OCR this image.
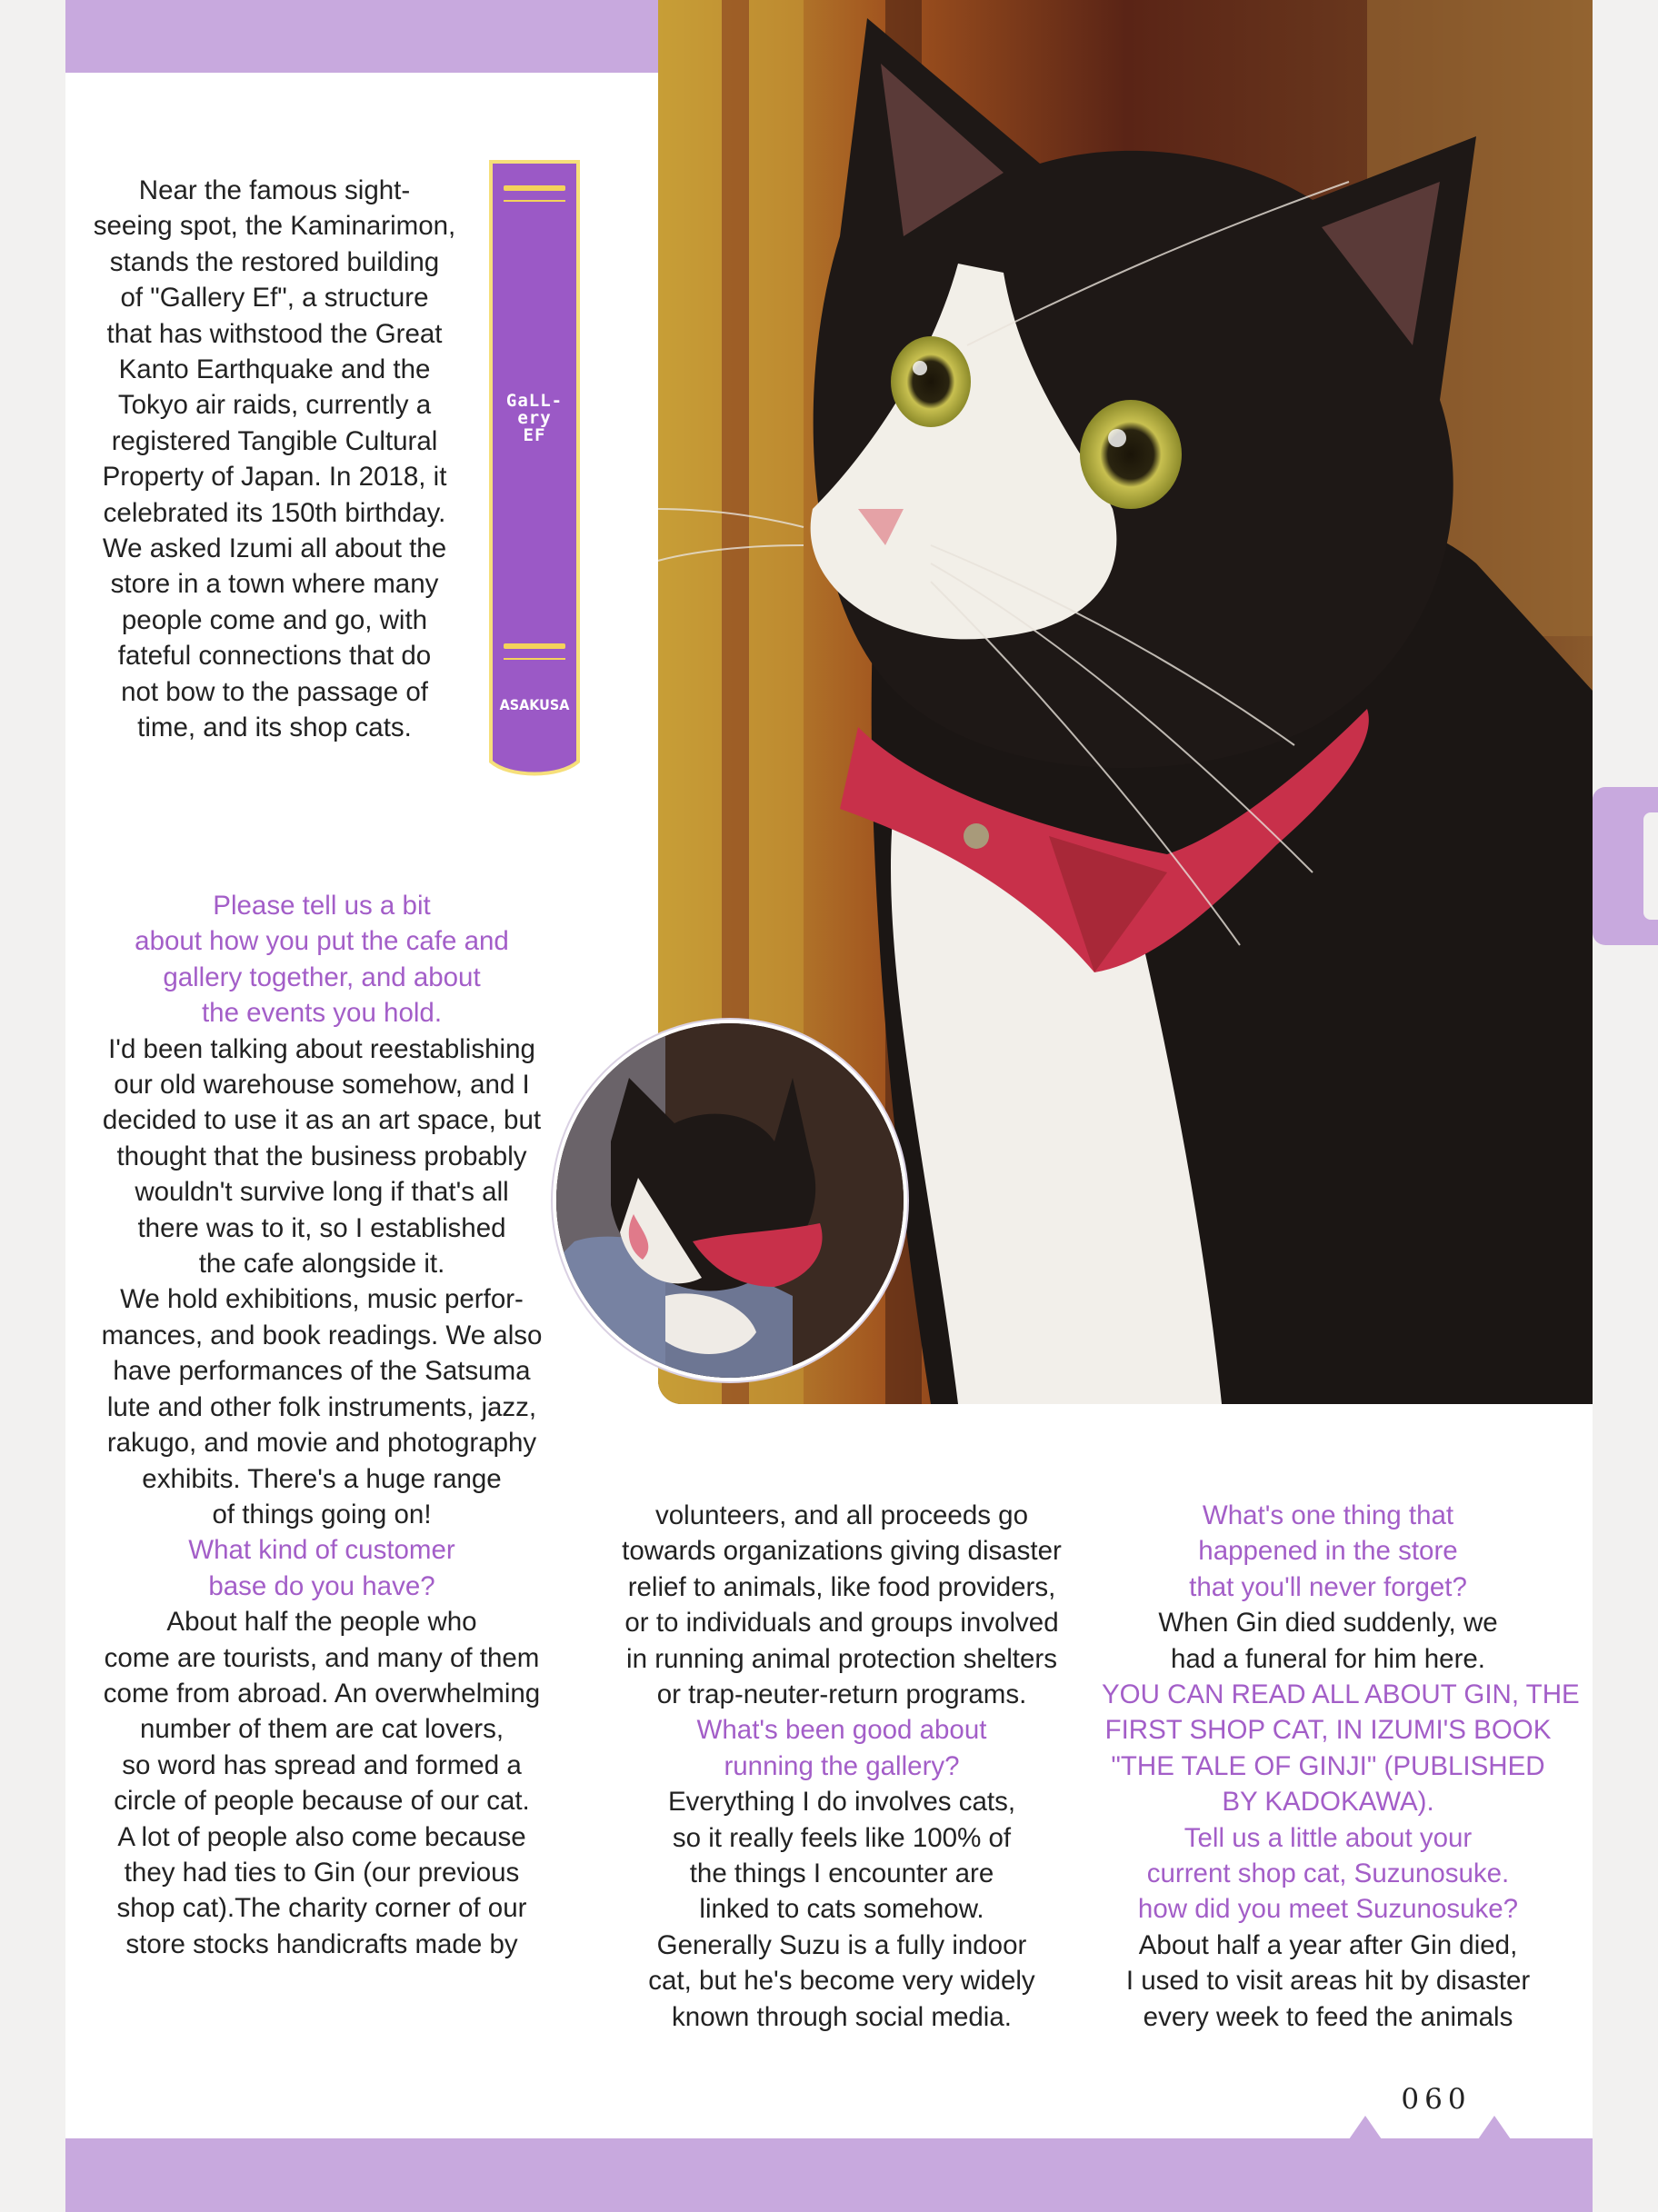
GaLL-
ery
EF
ASAKUSA
Near the famous sight-
seeing spot, the Kaminarimon,
stands the restored building
of "Gallery Ef", a structure
that has withstood the Great
Kanto Earthquake and the
Tokyo air raids, currently a
registered Tangible Cultural
Property of Japan. In 2018, it
celebrated its 150th birthday.
We asked Izumi all about the
store in a town where many
people come and go, with
fateful connections that do
not bow to the passage of
time, and its shop cats.
Please tell us a bit
about how you put the cafe and
gallery together, and about
the events you hold.
I'd been talking about reestablishing
our old warehouse somehow, and I
decided to use it as an art space, but
thought that the business probably
wouldn't survive long if that's all
there was to it, so I established
the cafe alongside it.
We hold exhibitions, music perfor-
mances, and book readings. We also
have performances of the Satsuma
lute and other folk instruments, jazz,
rakugo, and movie and photography
exhibits. There's a huge range
of things going on!
What kind of customer
base do you have?
About half the people who
come are tourists, and many of them
come from abroad. An overwhelming
number of them are cat lovers,
so word has spread and formed a
circle of people because of our cat.
A lot of people also come because
they had ties to Gin (our previous
shop cat).The charity corner of our
store stocks handicrafts made by
volunteers, and all proceeds go
towards organizations giving disaster
relief to animals, like food providers,
or to individuals and groups involved
in running animal protection shelters
or trap-neuter-return programs.
What's been good about
running the gallery?
Everything I do involves cats,
so it really feels like 100% of
the things I encounter are
linked to cats somehow.
Generally Suzu is a fully indoor
cat, but he's become very widely
known through social media.
What's one thing that
happened in the store
that you'll never forget?
When Gin died suddenly, we
had a funeral for him here.
YOU CAN READ ALL ABOUT GIN, THE
FIRST SHOP CAT, IN IZUMI'S BOOK
"THE TALE OF GINJI" (PUBLISHED
BY KADOKAWA).
Tell us a little about your
current shop cat, Suzunosuke.
how did you meet Suzunosuke?
About half a year after Gin died,
I used to visit areas hit by disaster
every week to feed the animals
060
